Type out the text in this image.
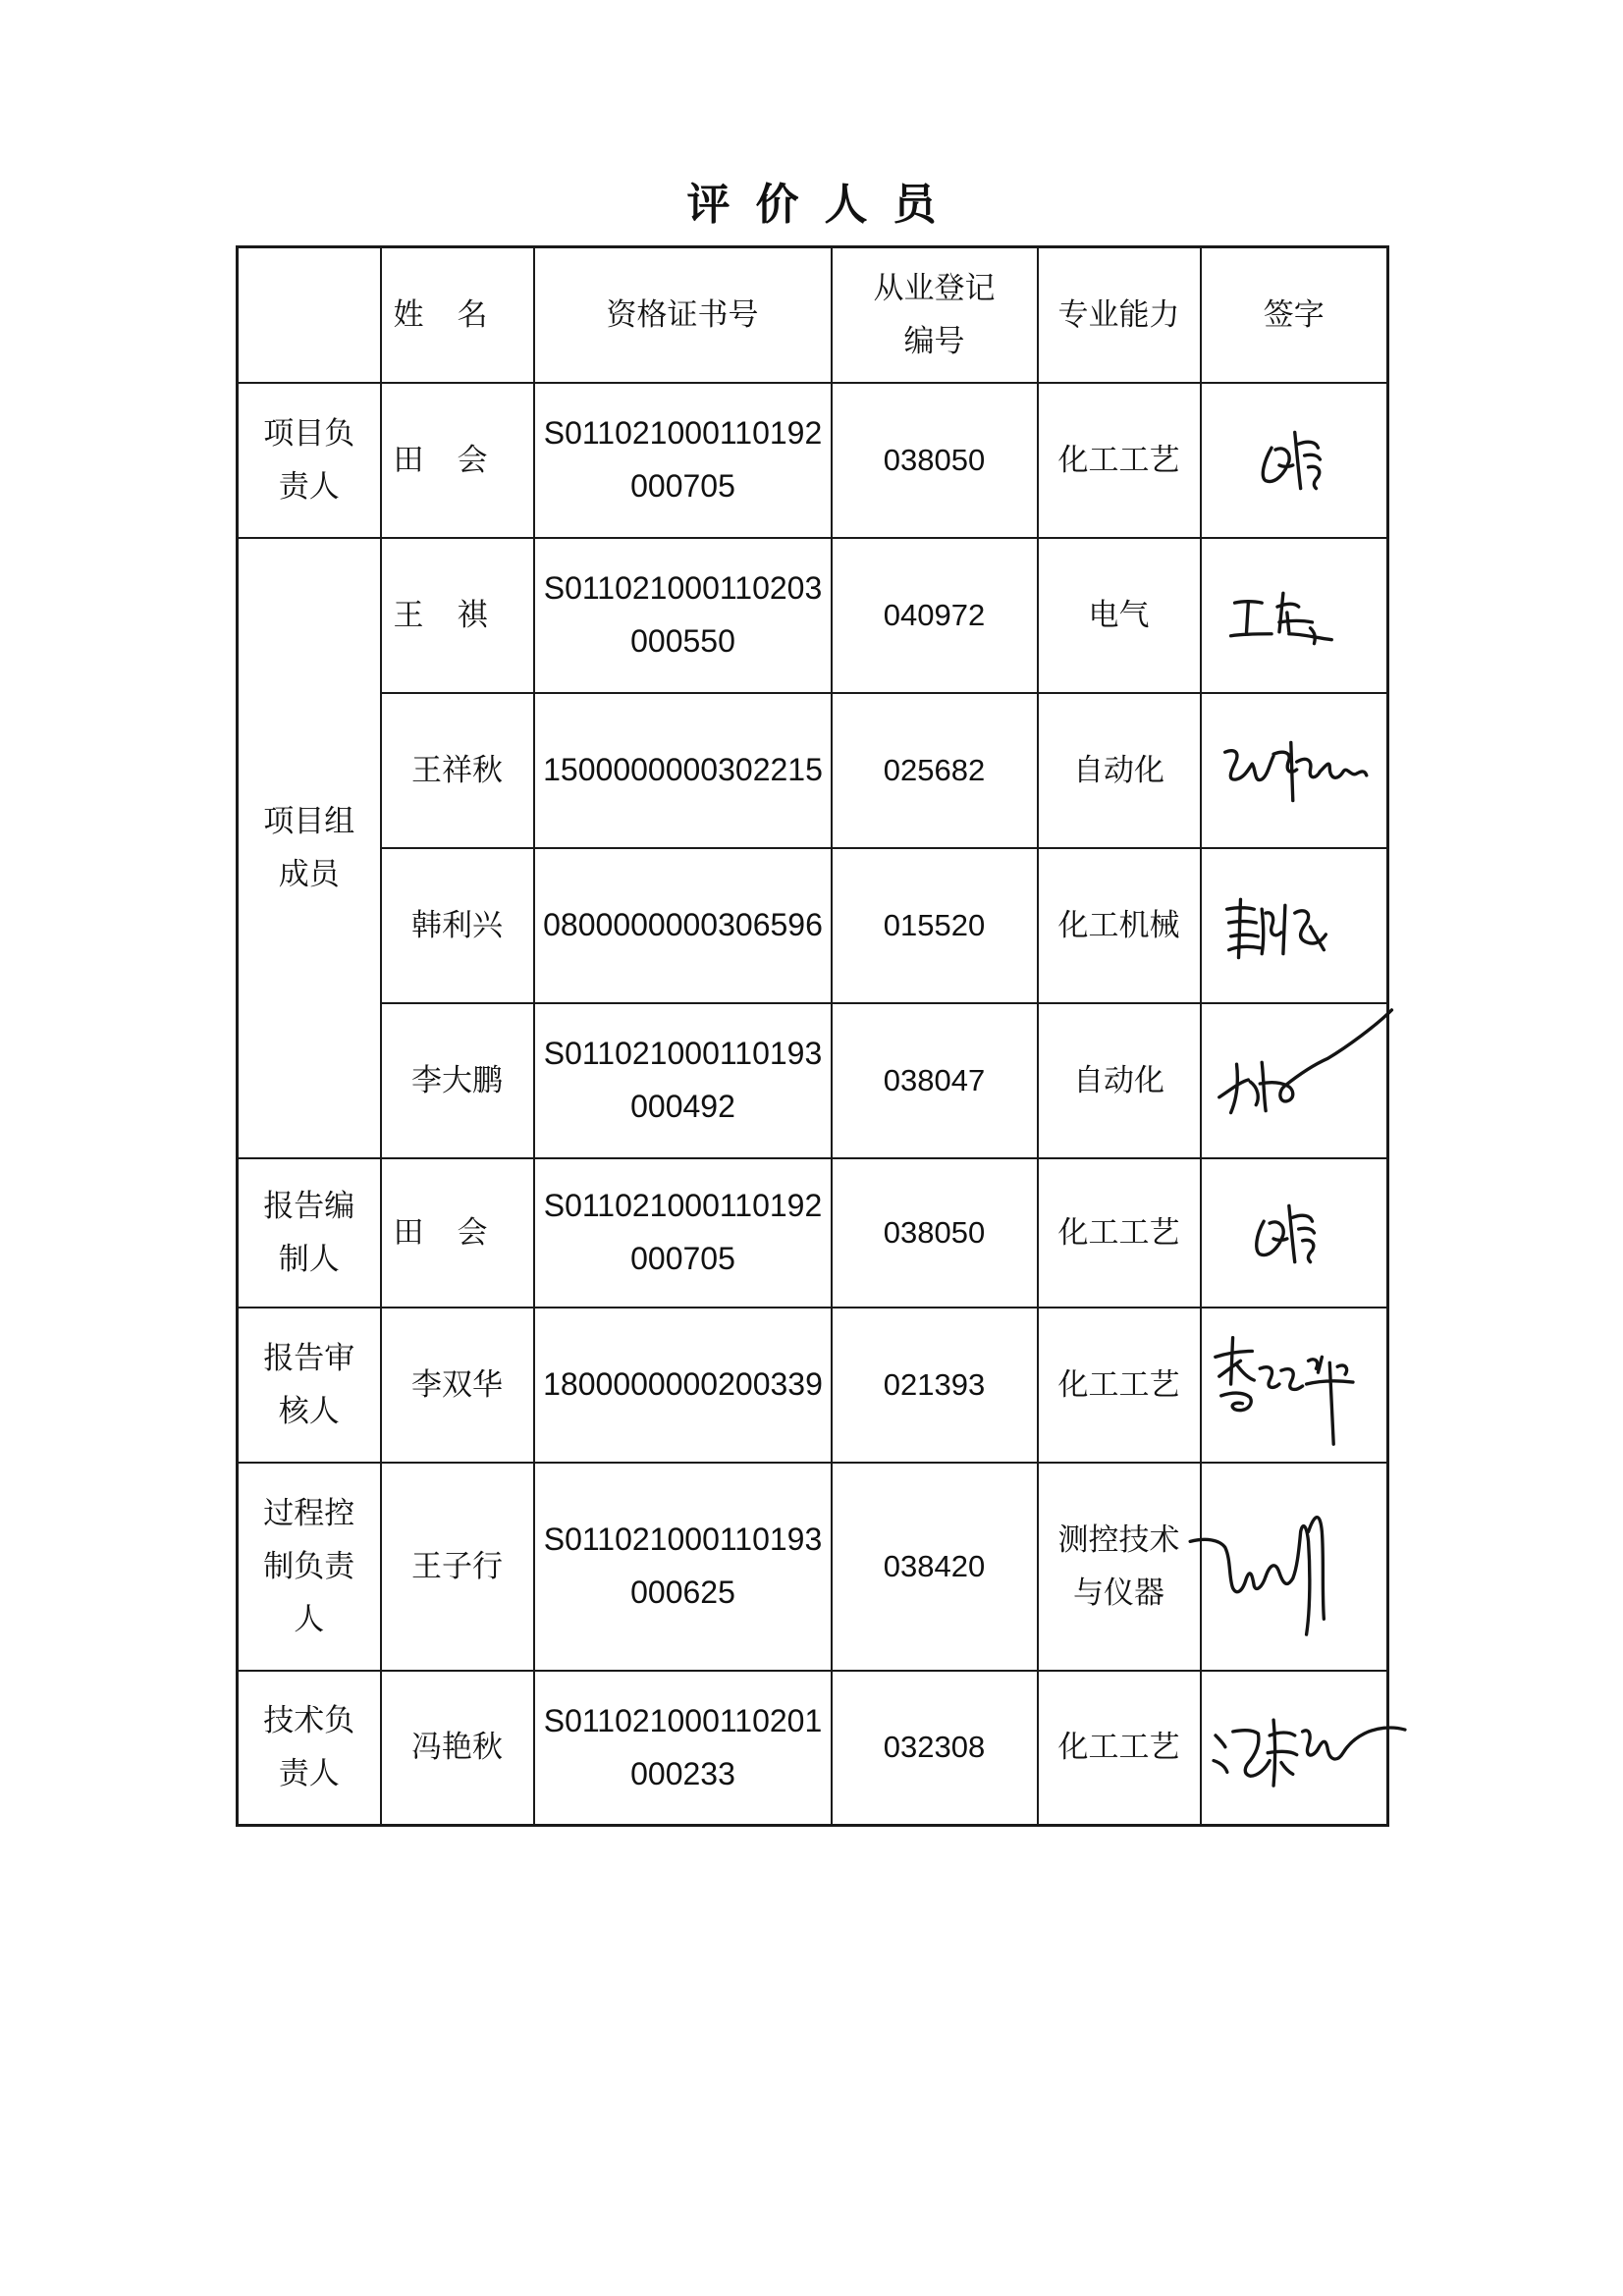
评价人员
	姓名	资格证书号	从业登记编号	专业能力	签字
项目负责人	田会	S011021000110192000705	038050	化工工艺	

项目组成员	王祺	S011021000110203000550	040972	电气	

	王祥秋	1500000000302215	025682	自动化	

	韩利兴	0800000000306596	015520	化工机械	

	李大鹏	S011021000110193000492	038047	自动化	

报告编制人	田会	S011021000110192000705	038050	化工工艺	

报告审核人	李双华	1800000000200339	021393	化工工艺	

过程控制负责人	王子行	S011021000110193000625	038420	测控技术与仪器	

技术负责人	冯艳秋	S011021000110201000233	032308	化工工艺	
